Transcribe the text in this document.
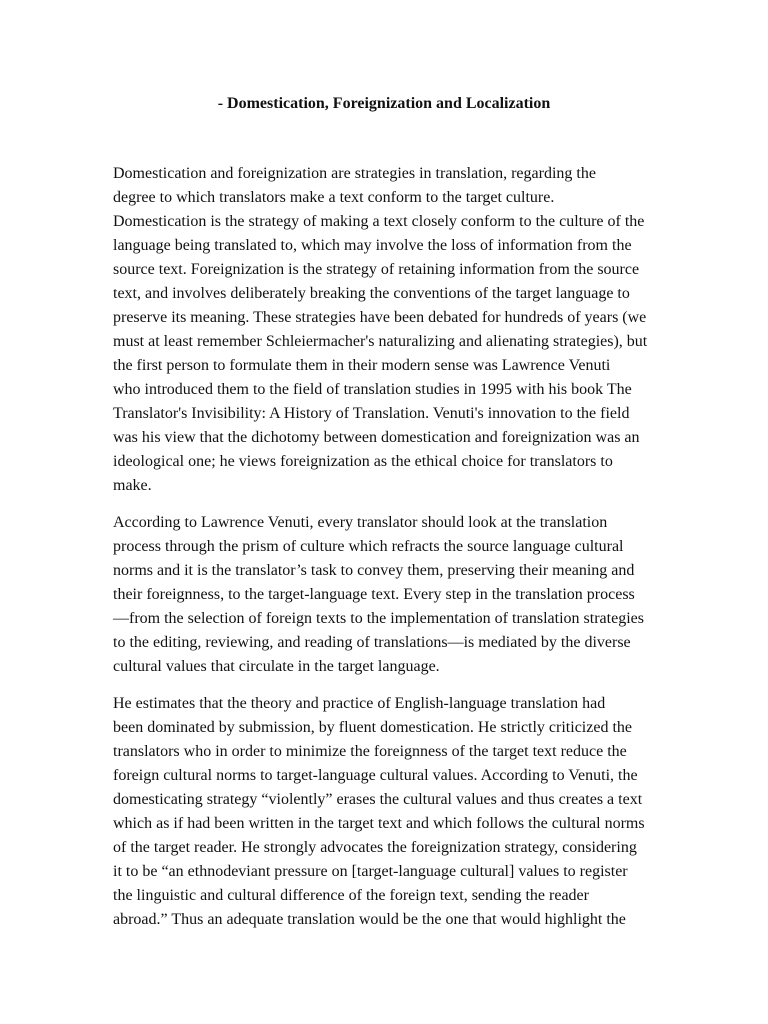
- Domestication, Foreignization and Localization

Domestication and foreignization are strategies in translation, regarding the
degree to which translators make a text conform to the target culture.
Domestication is the strategy of making a text closely conform to the culture of the
language being translated to, which may involve the loss of information from the
source text. Foreignization is the strategy of retaining information from the source
text, and involves deliberately breaking the conventions of the target language to
preserve its meaning. These strategies have been debated for hundreds of years (we
must at least remember Schleiermacher's naturalizing and alienating strategies), but
the first person to formulate them in their modern sense was Lawrence Venuti
who introduced them to the field of translation studies in 1995 with his book The
Translator's Invisibility: A History of Translation. Venuti's innovation to the field
was his view that the dichotomy between domestication and foreignization was an
ideological one; he views foreignization as the ethical choice for translators to
make.

According to Lawrence Venuti, every translator should look at the translation
process through the prism of culture which refracts the source language cultural
norms and it is the translator’s task to convey them, preserving their meaning and
their foreignness, to the target-language text. Every step in the translation process
—from the selection of foreign texts to the implementation of translation strategies
to the editing, reviewing, and reading of translations—is mediated by the diverse
cultural values that circulate in the target language.

He estimates that the theory and practice of English-language translation had
been dominated by submission, by fluent domestication. He strictly criticized the
translators who in order to minimize the foreignness of the target text reduce the
foreign cultural norms to target-language cultural values. According to Venuti, the
domesticating strategy “violently” erases the cultural values and thus creates a text
which as if had been written in the target text and which follows the cultural norms
of the target reader. He strongly advocates the foreignization strategy, considering
it to be “an ethnodeviant pressure on [target-language cultural] values to register
the linguistic and cultural difference of the foreign text, sending the reader
abroad.” Thus an adequate translation would be the one that would highlight the
